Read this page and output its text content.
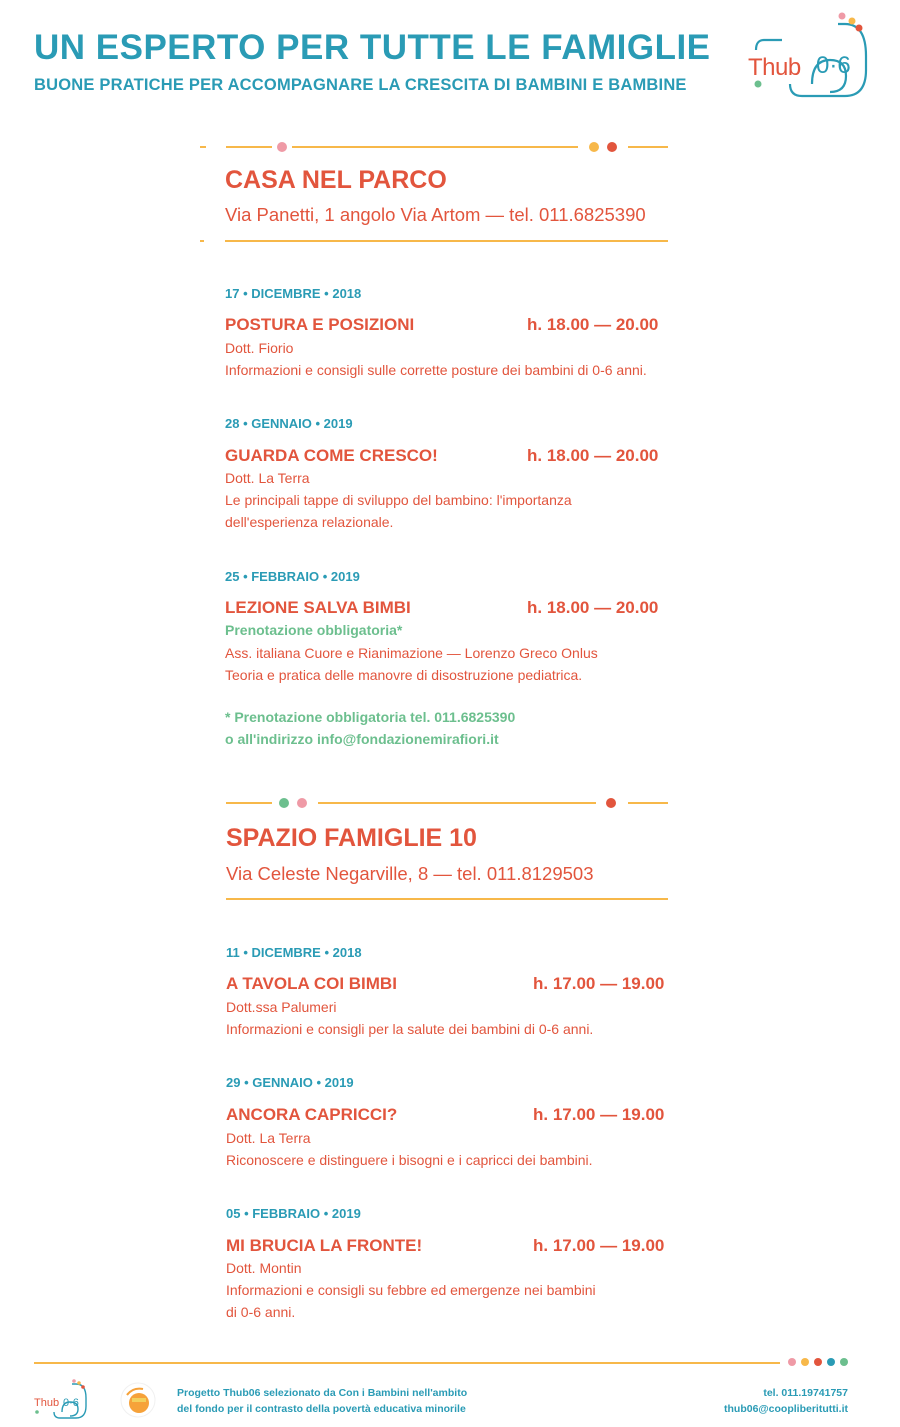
UN ESPERTO PER TUTTE LE FAMIGLIE
BUONE PRATICHE PER ACCOMPAGNARE LA CRESCITA DI BAMBINI E BAMBINE
Thub 0·6
CASA NEL PARCO
Via Panetti, 1 angolo Via Artom — tel. 011.6825390
17 • DICEMBRE • 2018
POSTURA E POSIZIONI	h. 18.00 — 20.00
Dott. Fiorio
Informazioni e consigli sulle corrette posture dei bambini di 0-6 anni.
28 • GENNAIO • 2019
GUARDA COME CRESCO!	h. 18.00 — 20.00
Dott. La Terra
Le principali tappe di sviluppo del bambino: l'importanza
dell'esperienza relazionale.
25 • FEBBRAIO • 2019
LEZIONE SALVA BIMBI	h. 18.00 — 20.00
Prenotazione obbligatoria*
Ass. italiana Cuore e Rianimazione — Lorenzo Greco Onlus
Teoria e pratica delle manovre di disostruzione pediatrica.
* Prenotazione obbligatoria tel. 011.6825390
o all'indirizzo info@fondazionemirafiori.it
SPAZIO FAMIGLIE 10
Via Celeste Negarville, 8 — tel. 011.8129503
11 • DICEMBRE • 2018
A TAVOLA COI BIMBI	h. 17.00 — 19.00
Dott.ssa Palumeri
Informazioni e consigli per la salute dei bambini di 0-6 anni.
29 • GENNAIO • 2019
ANCORA CAPRICCI?	h. 17.00 — 19.00
Dott. La Terra
Riconoscere e distinguere i bisogni e i capricci dei bambini.
05 • FEBBRAIO • 2019
MI BRUCIA LA FRONTE!	h. 17.00 — 19.00
Dott. Montin
Informazioni e consigli su febbre ed emergenze nei bambini
di 0-6 anni.
Thub 0·6
Progetto Thub06 selezionato da Con i Bambini nell'ambito
del fondo per il contrasto della povertà educativa minorile
tel. 011.19741757
thub06@coopliberitutti.it
